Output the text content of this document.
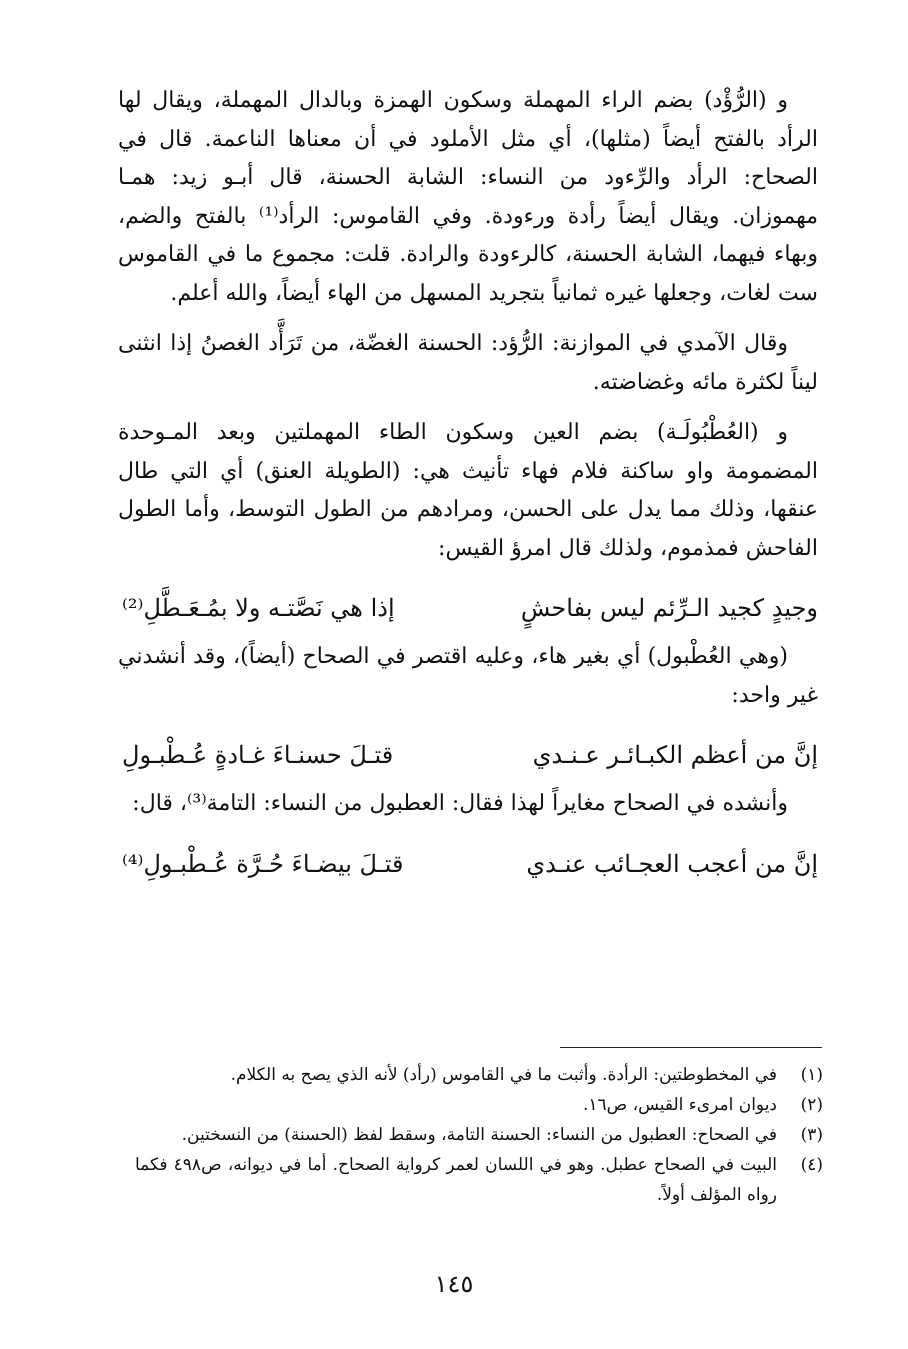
و (الرُّؤْد) بضم الراء المهملة وسكون الهمزة وبالدال المهملة، ويقال لها الرأد بالفتح أيضاً (مثلها)، أي مثل الأملود في أن معناها الناعمة. قال في الصحاح: الرأد والرِّءود من النساء: الشابة الحسنة، قال أبـو زيد: همـا مهموزان. ويقال أيضاً رأدة ورءودة. وفي القاموس: الرأد⁽¹⁾ بالفتح والضم، وبهاء فيهما، الشابة الحسنة، كالرءودة والرادة. قلت: مجموع ما في القاموس ست لغات، وجعلها غيره ثمانياً بتجريد المسهل من الهاء أيضاً، والله أعلم.

وقال الآمدي في الموازنة: الرُّؤد: الحسنة الغضّة، من تَرَأَّد الغصنُ إذا انثنى ليناً لكثرة مائه وغضاضته.

و (العُطْبُولَـة) بضم العين وسكون الطاء المهملتين وبعد المـوحدة المضمومة واو ساكنة فلام فهاء تأنيث هي: (الطويلة العنق) أي التي طال عنقها، وذلك مما يدل على الحسن، ومرادهم من الطول التوسط، وأما الطول الفاحش فمذموم، ولذلك قال امرؤ القيس:

وجيدٍ كجيد الـرِّئم ليس بفاحشٍ
إذا هي نَصَّتـه ولا بمُـعَـطَّلِ⁽²⁾

(وهي العُطْبول) أي بغير هاء، وعليه اقتصر في الصحاح (أيضاً)، وقد أنشدني غير واحد:

إنَّ من أعظم الكبـائـر عـنـدي
قتـلَ حسنـاءَ غـادةٍ عُـطْبـولِ

وأنشده في الصحاح مغايراً لهذا فقال: العطبول من النساء: التامة⁽³⁾، قال:

إنَّ من أعجب العجـائب عنـدي
قتـلَ بيضـاءَ حُـرَّة عُـطْبـولِ⁽⁴⁾
(١)
في المخطوطتين: الرأدة. وأثبت ما في القاموس (رأد) لأنه الذي يصح به الكلام.
(٢)
ديوان امرىء القيس، ص١٦.
(٣)
في الصحاح: العطبول من النساء: الحسنة التامة، وسقط لفظ (الحسنة) من النسختين.
(٤)
البيت في الصحاح عطبل. وهو في اللسان لعمر كرواية الصحاح. أما في ديوانه، ص٤٩٨ فكما رواه المؤلف أولاً.
١٤٥
